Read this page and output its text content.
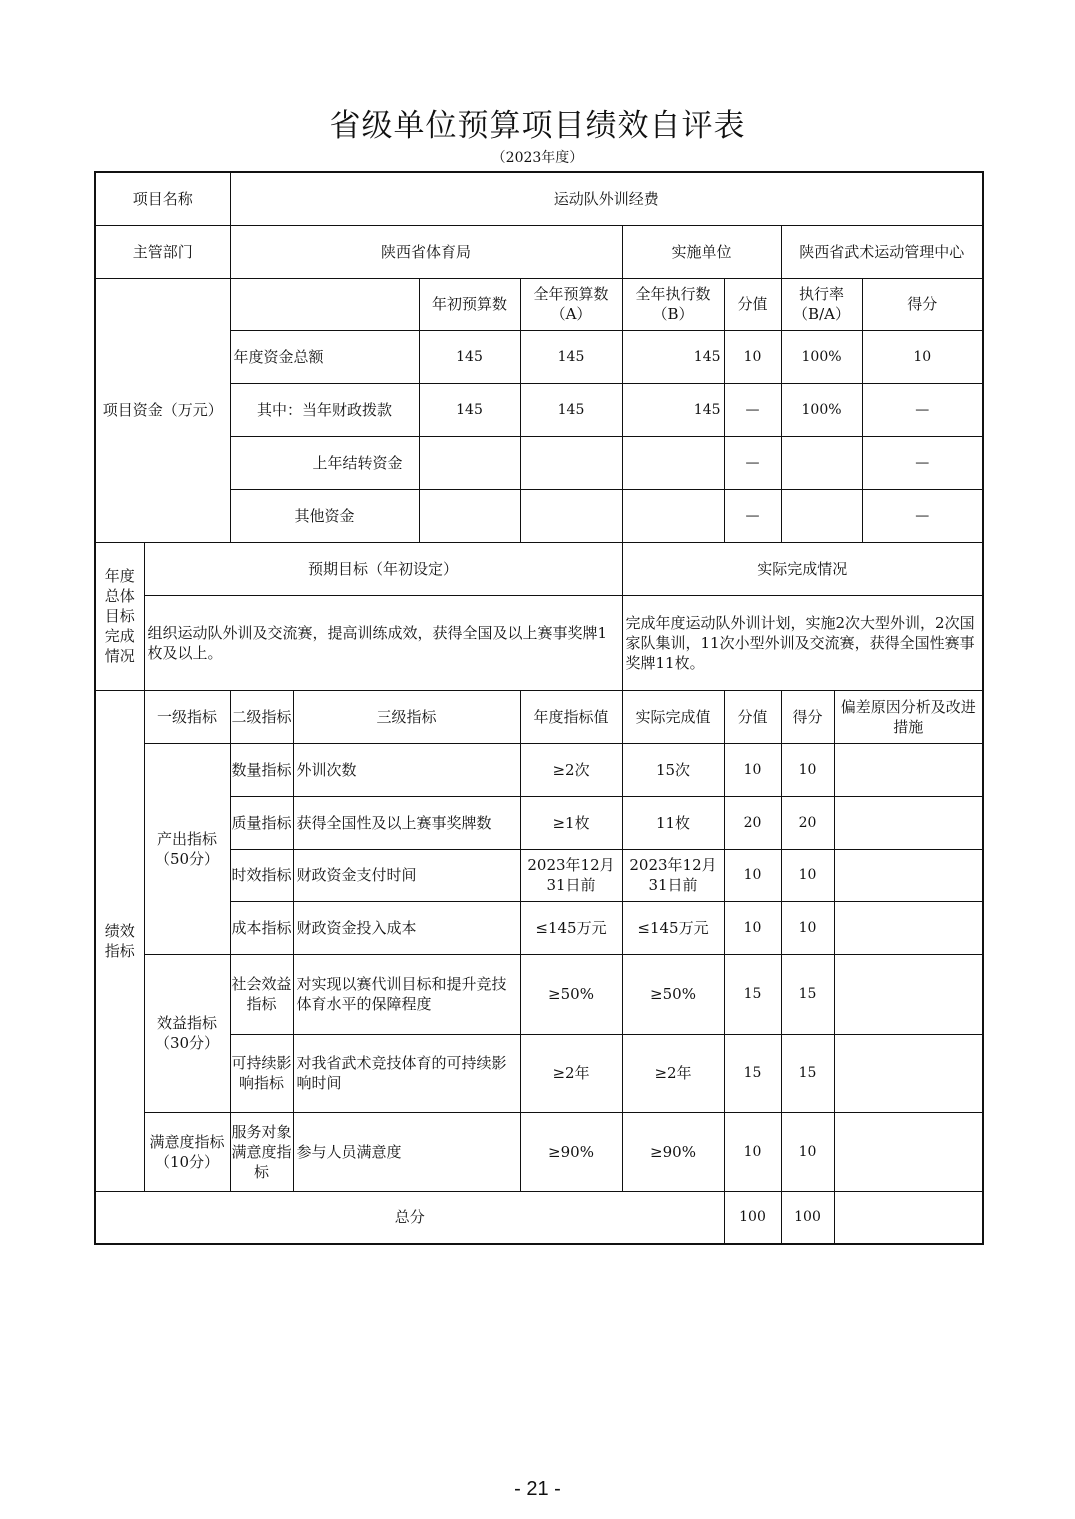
省级单位预算项目绩效自评表
（2023年度）
项目名称		运动队外训经费								
主管部门		陕西省体育局				实施单位		陕西省武术运动管理中心		
项目资金（万元）				年初预算数	全年预算数（A）	全年执行数（B）	分值	执行率（B/A）		得分
		年度资金总额		145	145	145	10	100%		10
		其中：当年财政拨款		145	145	145	—	100%		—
		上年结转资金					—			—
		其他资金					—			—
年度总体目标完成情况	预期目标（年初设定）					实际完成情况				
	组织运动队外训及交流赛，提高训练成效，获得全国及以上赛事奖牌1枚及以上。					完成年度运动队外训计划，实施2次大型外训，2次国家队集训，11次小型外训及交流赛，获得全国性赛事奖牌11枚。				
绩效指标	一级指标	二级指标	三级指标		年度指标值	实际完成值	分值	得分	偏差原因分析及改进措施	
	产出指标（50分）	数量指标	外训次数		≥2次	15次	10	10		
		质量指标	获得全国性及以上赛事奖牌数		≥1枚	11枚	20	20		
		时效指标	财政资金支付时间		2023年12月31日前	2023年12月31日前	10	10		
		成本指标	财政资金投入成本		≤145万元	≤145万元	10	10		
	效益指标（30分）	社会效益指标	对实现以赛代训目标和提升竞技体育水平的保障程度		≥50%	≥50%	15	15		
		可持续影响指标	对我省武术竞技体育的可持续影响时间		≥2年	≥2年	15	15		
	满意度指标（10分）	服务对象满意度指标	参与人员满意度		≥90%	≥90%	10	10		
总分							100	100		
- 21 -
